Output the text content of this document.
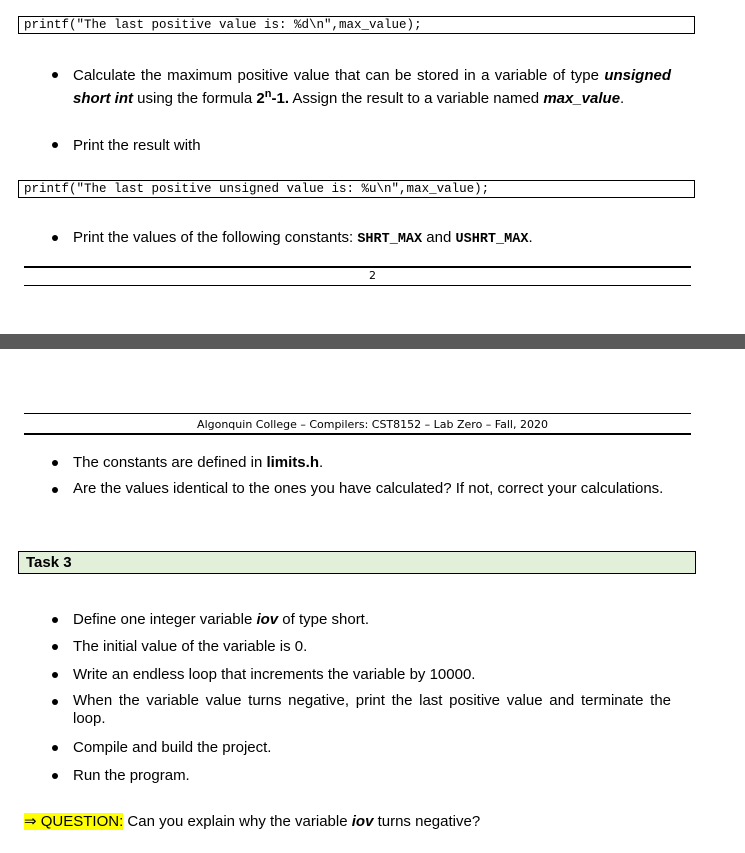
printf("The last positive value is: %d\n",max_value);
Calculate the maximum positive value that can be stored in a variable of type unsigned short int using the formula 2$^n$-1. Assign the result to a variable named max_value.
Print the result with
printf("The last positive unsigned value is: %u\n",max_value);
Print the values of the following constants: SHRT_MAX and USHRT_MAX.
2
Algonquin College – Compilers: CST8152 – Lab Zero – Fall, 2020
The constants are defined in limits.h.
Are the values identical to the ones you have calculated? If not, correct your calculations.
Task 3
Define one integer variable iov of type short.
The initial value of the variable is 0.
Write an endless loop that increments the variable by 10000.
When the variable value turns negative, print the last positive value and terminate the loop.
Compile and build the project.
Run the program.
⇒ QUESTION: Can you explain why the variable iov turns negative?
